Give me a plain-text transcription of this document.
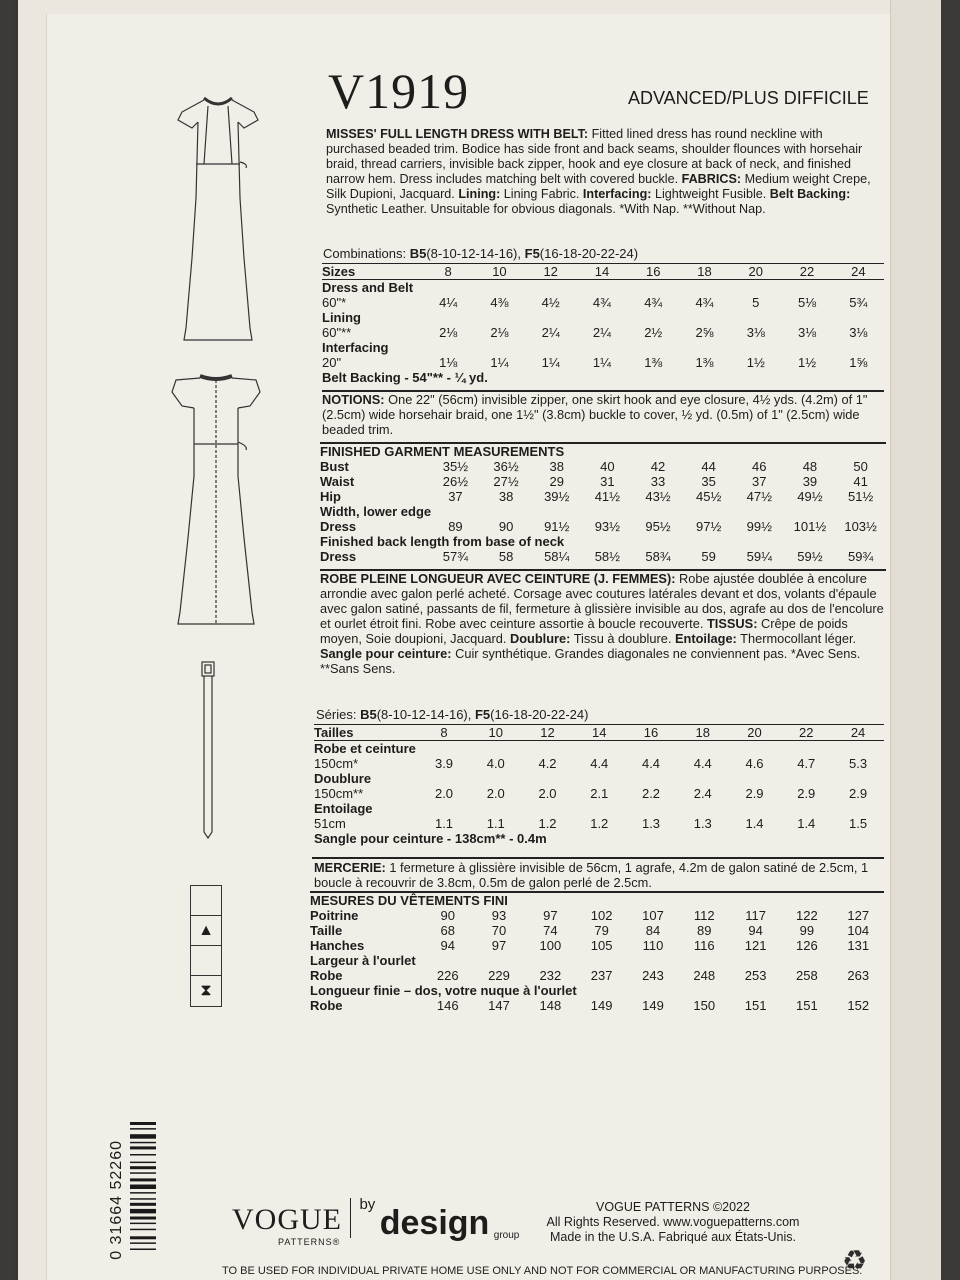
▲
⧗
V1919	ADVANCED/PLUS DIFFICILE
MISSES' FULL LENGTH DRESS WITH BELT: Fitted lined dress has round neckline with purchased beaded trim. Bodice has side front and back seams, shoulder flounces with horsehair braid, thread carriers, invisible back zipper, hook and eye closure at back of neck, and finished narrow hem. Dress includes matching belt with covered buckle. FABRICS: Medium weight Crepe, Silk Dupioni, Jacquard. Lining: Lining Fabric. Interfacing: Lightweight Fusible. Belt Backing: Synthetic Leather. Unsuitable for obvious diagonals. *With Nap. **Without Nap.
Combinations: B5(8-10-12-14-16), F5(16-18-20-22-24)
Sizes	8	10	12	14	16	18	20	22	24
Dress and Belt									
60"*	4¼	4⅜	4½	4¾	4¾	4¾	5	5⅛	5¾
Lining									
60"**	2⅛	2⅛	2¼	2¼	2½	2⅝	3⅛	3⅛	3⅛
Interfacing									
20"	1⅛	1¼	1¼	1¼	1⅜	1⅜	1½	1½	1⅝
Belt Backing - 54"** - ¼ yd.									
NOTIONS: One 22" (56cm) invisible zipper, one skirt hook and eye closure, 4½ yds. (4.2m) of 1" (2.5cm) wide horsehair braid, one 1½" (3.8cm) buckle to cover, ½ yd. (0.5m) of 1" (2.5cm) wide beaded trim.
FINISHED GARMENT MEASUREMENTS									
Bust	35½	36½	38	40	42	44	46	48	50
Waist	26½	27½	29	31	33	35	37	39	41
Hip	37	38	39½	41½	43½	45½	47½	49½	51½
Width, lower edge									
Dress	89	90	91½	93½	95½	97½	99½	101½	103½
Finished back length from base of neck									
Dress	57¾	58	58¼	58½	58¾	59	59¼	59½	59¾
ROBE PLEINE LONGUEUR AVEC CEINTURE (J. FEMMES): Robe ajustée doublée à encolure arrondie avec galon perlé acheté. Corsage avec coutures latérales devant et dos, volants d'épaule avec galon satiné, passants de fil, fermeture à glissière invisible au dos, agrafe au dos de l'encolure et ourlet étroit fini. Robe avec ceinture assortie à boucle recouverte. TISSUS: Crêpe de poids moyen, Soie doupioni, Jacquard. Doublure: Tissu à doublure. Entoilage: Thermocollant léger. Sangle pour ceinture: Cuir synthétique. Grandes diagonales ne conviennent pas. *Avec Sens. **Sans Sens.
Séries: B5(8-10-12-14-16), F5(16-18-20-22-24)
Tailles	8	10	12	14	16	18	20	22	24
Robe et ceinture									
150cm*	3.9	4.0	4.2	4.4	4.4	4.4	4.6	4.7	5.3
Doublure									
150cm**	2.0	2.0	2.0	2.1	2.2	2.4	2.9	2.9	2.9
Entoilage									
51cm	1.1	1.1	1.2	1.2	1.3	1.3	1.4	1.4	1.5
Sangle pour ceinture - 138cm** - 0.4m									
MERCERIE: 1 fermeture à glissière invisible de 56cm, 1 agrafe, 4.2m de galon satiné de 2.5cm, 1 boucle à recouvrir de 3.8cm, 0.5m de galon perlé de 2.5cm.
MESURES DU VÊTEMENTS FINI									
Poitrine	90	93	97	102	107	112	117	122	127
Taille	68	70	74	79	84	89	94	99	104
Hanches	94	97	100	105	110	116	121	126	131
Largeur à l'ourlet									
Robe	226	229	232	237	243	248	253	258	263
Longueur finie – dos, votre nuque à l'ourlet									
Robe	146	147	148	149	149	150	151	151	152
0 31664 52260	VOGUE
PATTERNS®
by design $_{group}$
VOGUE PATTERNS ©2022
All Rights Reserved. www.voguepatterns.com
Made in the U.S.A. Fabriqué aux États-Unis.
♻
TO BE USED FOR INDIVIDUAL PRIVATE HOME USE ONLY AND NOT FOR COMMERCIAL OR MANUFACTURING PURPOSES.
